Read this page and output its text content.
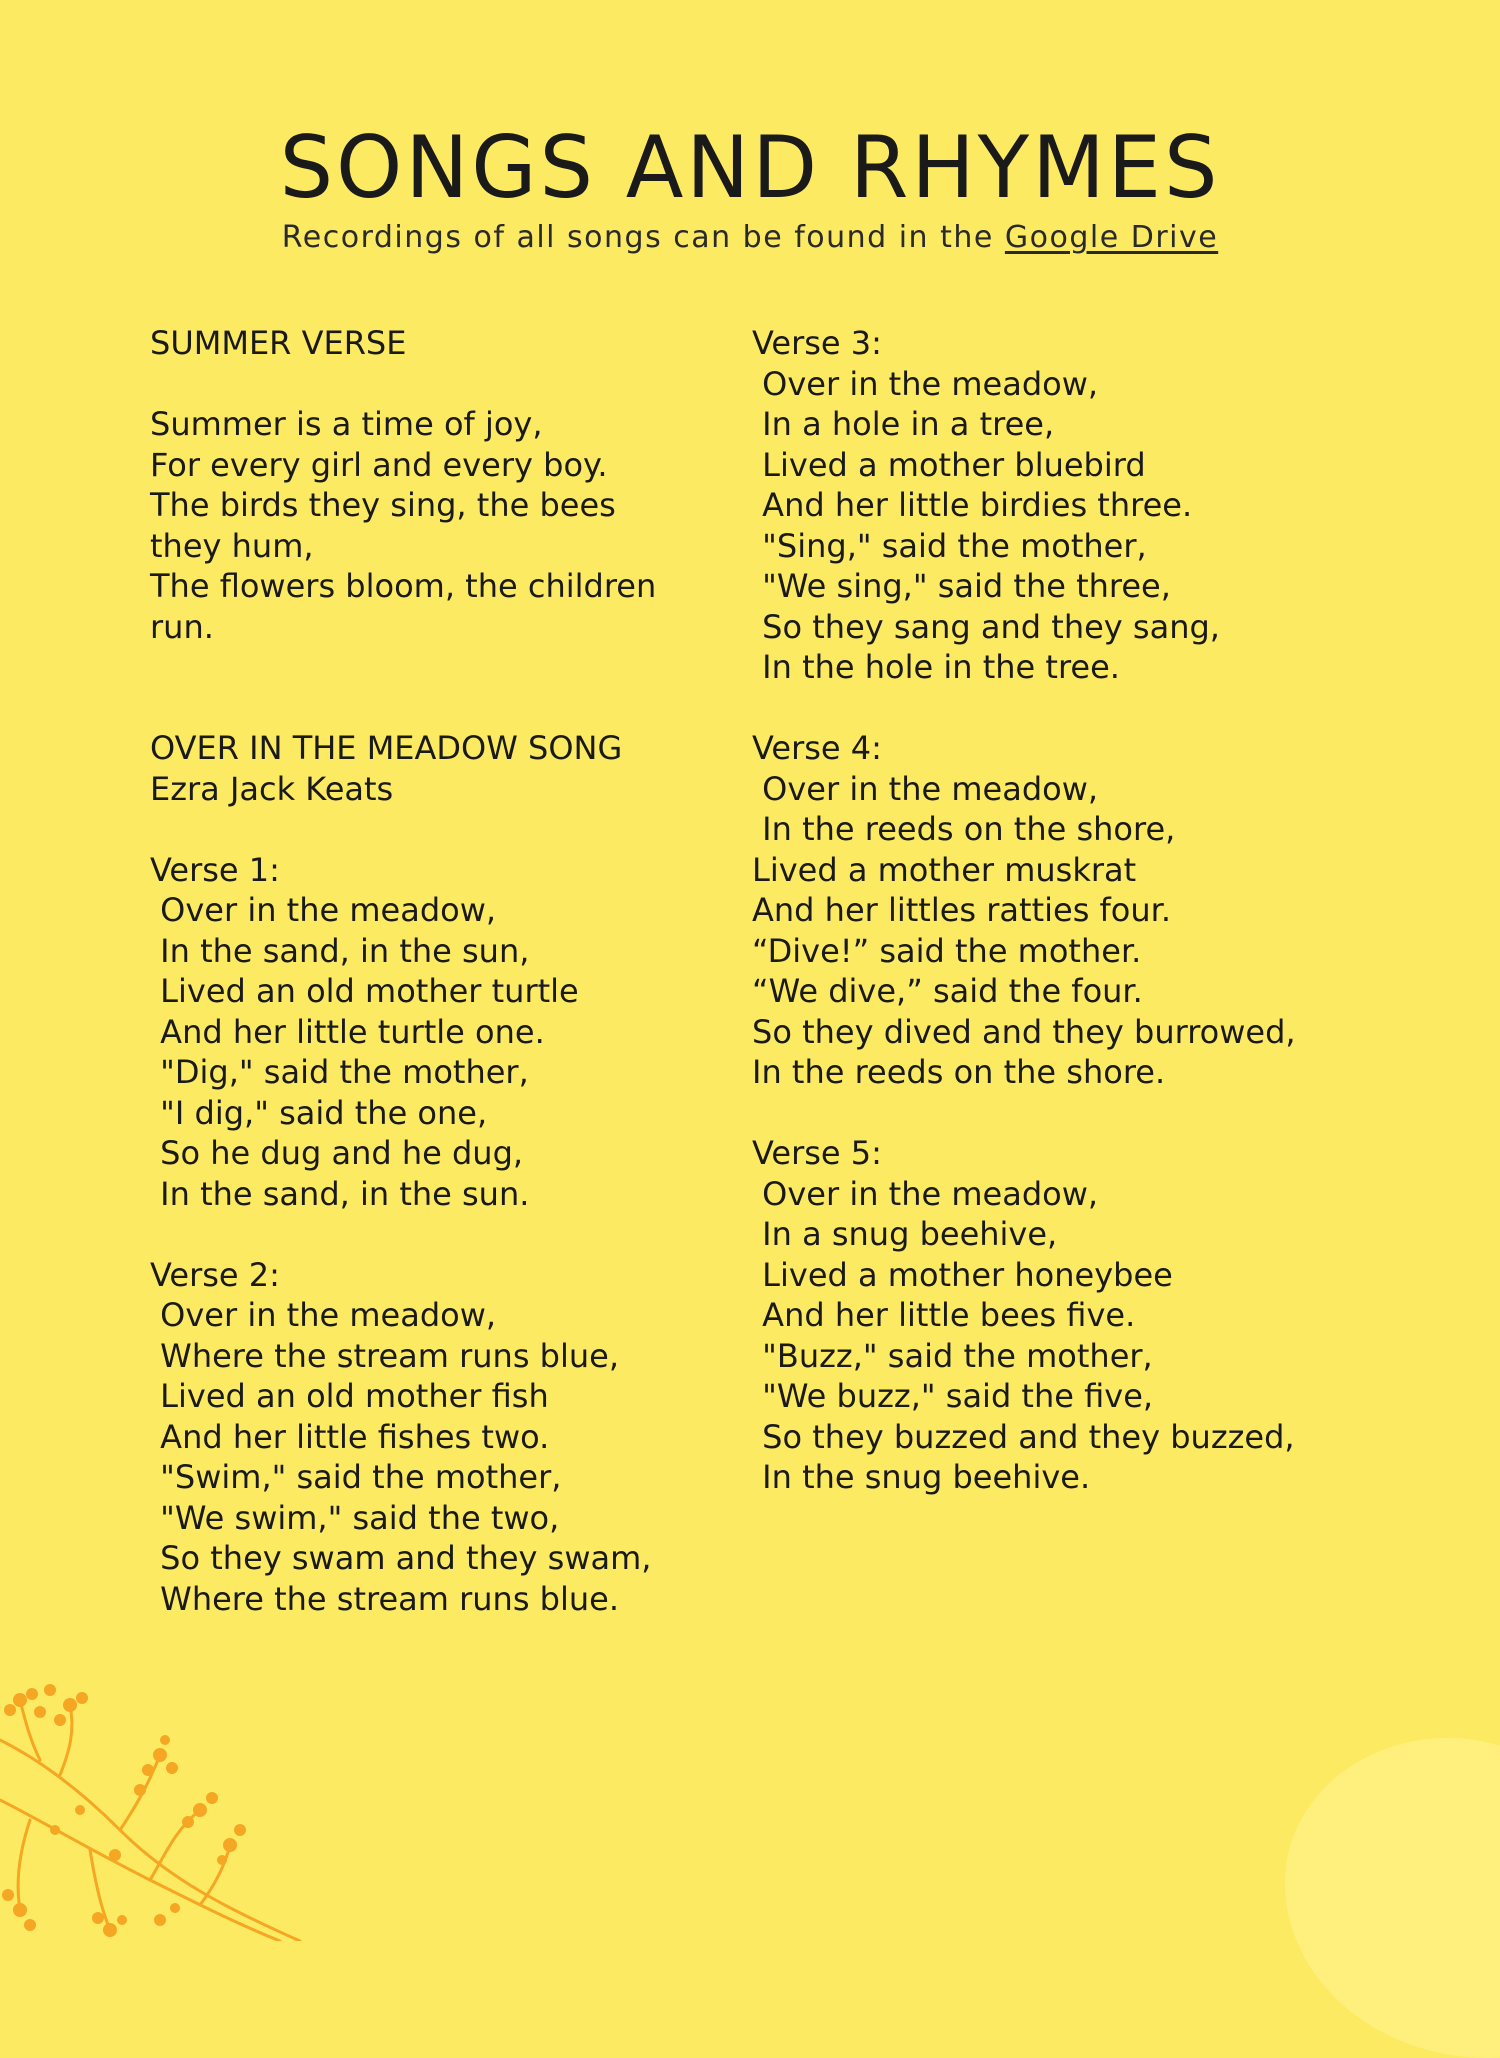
SONGS AND RHYMES
Recordings of all songs can be found in the Google Drive
SUMMER VERSE
Summer is a time of joy,
For every girl and every boy.
The birds they sing, the bees
they hum,
The flowers bloom, the children
run.
OVER IN THE MEADOW SONG
Ezra Jack Keats
Verse 1:
Over in the meadow,
In the sand, in the sun,
Lived an old mother turtle
And her little turtle one.
"Dig," said the mother,
"I dig," said the one,
So he dug and he dug,
In the sand, in the sun.
Verse 2:
Over in the meadow,
Where the stream runs blue,
Lived an old mother fish
And her little fishes two.
"Swim," said the mother,
"We swim," said the two,
So they swam and they swam,
Where the stream runs blue.
Verse 3:
Over in the meadow,
In a hole in a tree,
Lived a mother bluebird
And her little birdies three.
"Sing," said the mother,
"We sing," said the three,
So they sang and they sang,
In the hole in the tree.
Verse 4:
Over in the meadow,
In the reeds on the shore,
Lived a mother muskrat
And her littles ratties four.
“Dive!” said the mother.
“We dive,” said the four.
So they dived and they burrowed,
In the reeds on the shore.
Verse 5:
Over in the meadow,
In a snug beehive,
Lived a mother honeybee
And her little bees five.
"Buzz," said the mother,
"We buzz," said the five,
So they buzzed and they buzzed,
In the snug beehive.
